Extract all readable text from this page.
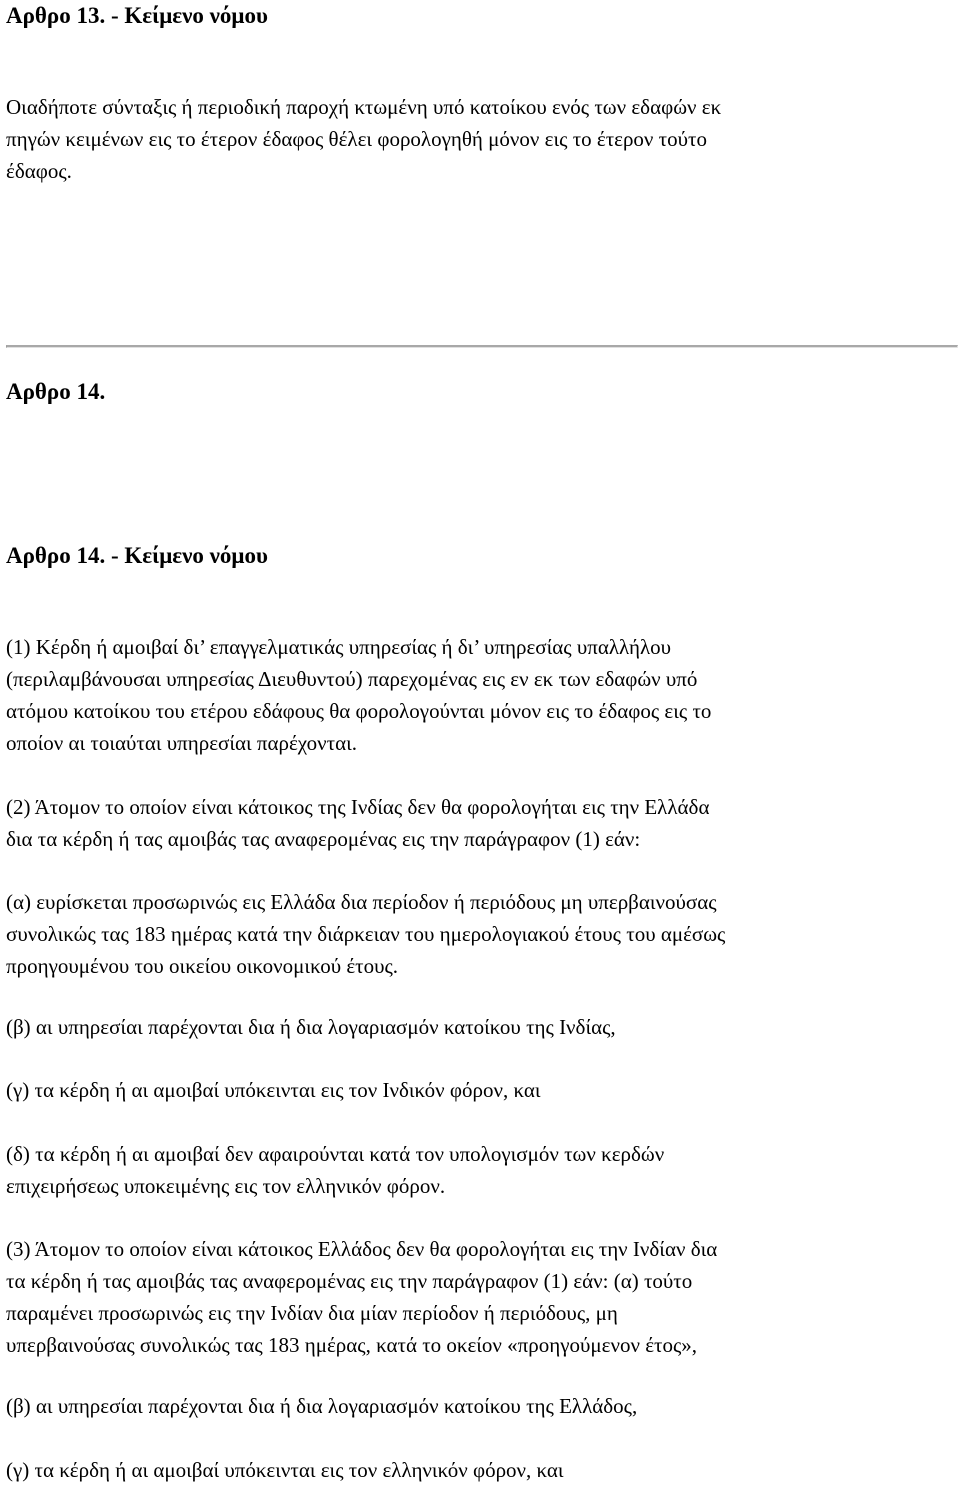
Αρθρο 13. - Κείμενο νόμου

Οιαδήποτε σύνταξις ή περιοδική παροχή κτωμένη υπό κατοίκου ενός των εδαφών εκ
πηγών κειμένων εις το έτερον έδαφος θέλει φορολογηθή μόνον εις το έτερον τούτο
έδαφος.

Αρθρο 14.
Αρθρο 14. - Κείμενο νόμου

(1) Κέρδη ή αμοιβαί δι’ επαγγελματικάς υπηρεσίας ή δι’ υπηρεσίας υπαλλήλου
(περιλαμβάνουσαι υπηρεσίας Διευθυντού) παρεχομένας εις εν εκ των εδαφών υπό
ατόμου κατοίκου του ετέρου εδάφους θα φορολογούνται μόνον εις το έδαφος εις το
οποίον αι τοιαύται υπηρεσίαι παρέχονται.

(2) Άτομον το οποίον είναι κάτοικος της Ινδίας δεν θα φορολογήται εις την Ελλάδα
δια τα κέρδη ή τας αμοιβάς τας αναφερομένας εις την παράγραφον (1) εάν:

(α) ευρίσκεται προσωρινώς εις Ελλάδα δια περίοδον ή περιόδους μη υπερβαινούσας
συνολικώς τας 183 ημέρας κατά την διάρκειαν του ημερολογιακού έτους του αμέσως
προηγουμένου του οικείου οικονομικού έτους.

(β) αι υπηρεσίαι παρέχονται δια ή δια λογαριασμόν κατοίκου της Ινδίας,

(γ) τα κέρδη ή αι αμοιβαί υπόκεινται εις τον Ινδικόν φόρον, και

(δ) τα κέρδη ή αι αμοιβαί δεν αφαιρούνται κατά τον υπολογισμόν των κερδών
επιχειρήσεως υποκειμένης εις τον ελληνικόν φόρον.

(3) Άτομον το οποίον είναι κάτοικος Ελλάδος δεν θα φορολογήται εις την Ινδίαν δια
τα κέρδη ή τας αμοιβάς τας αναφερομένας εις την παράγραφον (1) εάν: (α) τούτο
παραμένει προσωρινώς εις την Ινδίαν δια μίαν περίοδον ή περιόδους, μη
υπερβαινούσας συνολικώς τας 183 ημέρας, κατά το οκείον «προηγούμενον έτος»,

(β) αι υπηρεσίαι παρέχονται δια ή δια λογαριασμόν κατοίκου της Ελλάδος,

(γ) τα κέρδη ή αι αμοιβαί υπόκεινται εις τον ελληνικόν φόρον, και
